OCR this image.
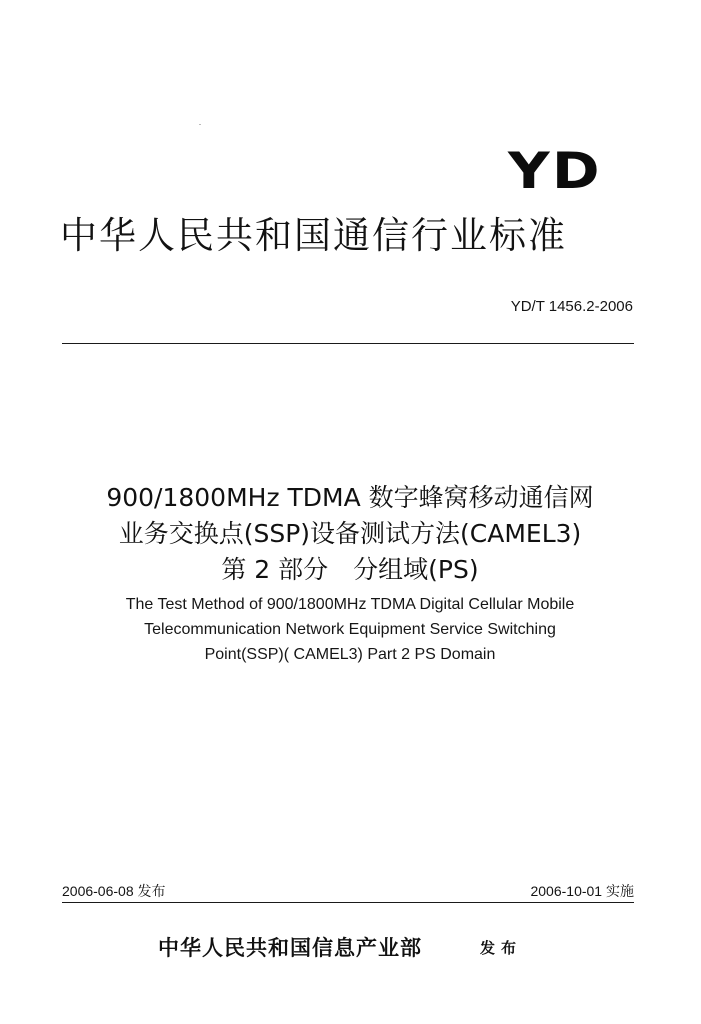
YD
中华人民共和国通信行业标准
YD/T 1456.2-2006
900/1800MHz TDMA 数字蜂窝移动通信网
业务交换点(SSP)设备测试方法(CAMEL3)
第 2 部分　分组域(PS)
The Test Method of 900/1800MHz TDMA Digital Cellular Mobile
Telecommunication Network Equipment Service Switching
Point(SSP)( CAMEL3) Part 2 PS Domain
2006-06-08 发布	2006-10-01 实施
中华人民共和国信息产业部	发布
